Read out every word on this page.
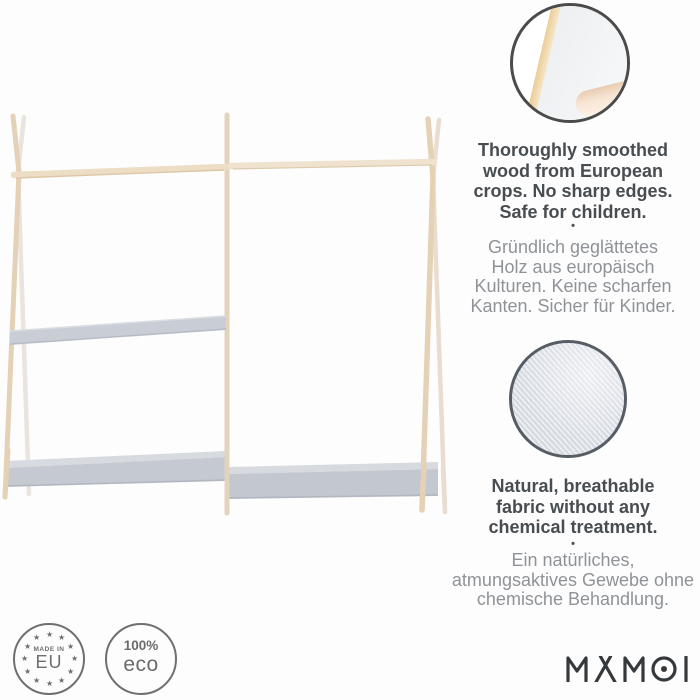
Thoroughly smoothed
wood from European
crops. No sharp edges.
Safe for children.
•
Gründlich geglättetes
Holz aus europäisch
Kulturen. Keine scharfen
Kanten. Sicher für Kinder.
Natural, breathable
fabric without any
chemical treatment.
•
Ein natürliches,
atmungsaktives Gewebe ohne
chemische Behandlung.
★ ★
★
★
★
★
★
★
★
★
★
★
MADE IN
EU
100%
eco
